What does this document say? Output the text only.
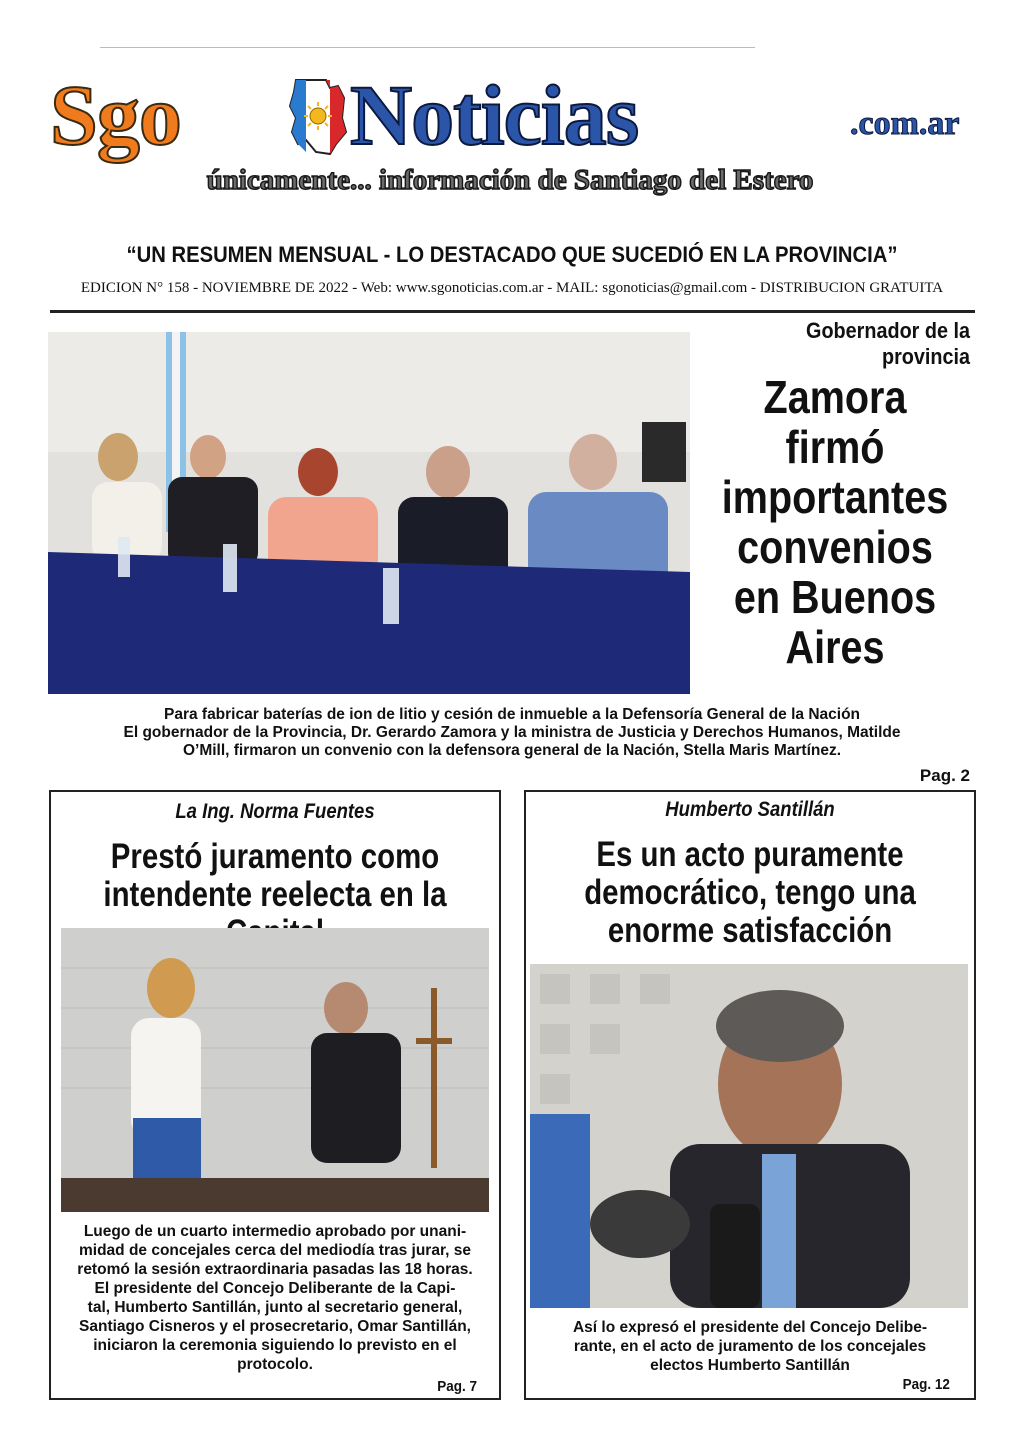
Sgo Noticias	.com.ar
únicamente... información de Santiago del Estero
“UN RESUMEN MENSUAL - LO DESTACADO QUE SUCEDIÓ EN LA PROVINCIA”
EDICION N° 158 - NOVIEMBRE DE 2022 - Web: www.sgonoticias.com.ar - MAIL: sgonoticias@gmail.com - DISTRIBUCION GRATUITA
Gobernador de la provincia
Zamora
firmó
importantes
convenios
en Buenos
Aires
Para fabricar baterías de ion de litio y cesión de inmueble a la Defensoría General de la Nación
El gobernador de la Provincia, Dr. Gerardo Zamora y la ministra de Justicia y Derechos Humanos, Matilde
O’Mill, firmaron un convenio con la defensora general de la Nación, Stella Maris Martínez.
Pag. 2
La Ing. Norma Fuentes
Prestó juramento como
intendente reelecta en la
Luego de un cuarto intermedio aprobado por unani-
midad de concejales cerca del mediodía tras jurar, se
retomó la sesión extraordinaria pasadas las 18 horas.
El presidente del Concejo Deliberante de la Capi-
tal, Humberto Santillán, junto al secretario general,
Santiago Cisneros y el prosecretario, Omar Santillán,
iniciaron la ceremonia siguiendo lo previsto en el
protocolo.
Pag. 7
Humberto Santillán
Es un acto puramente
democrático, tengo una
enorme satisfacción
Así lo expresó el presidente del Concejo Delibe-
rante, en el acto de juramento de los concejales
electos Humberto Santillán
Pag. 12
